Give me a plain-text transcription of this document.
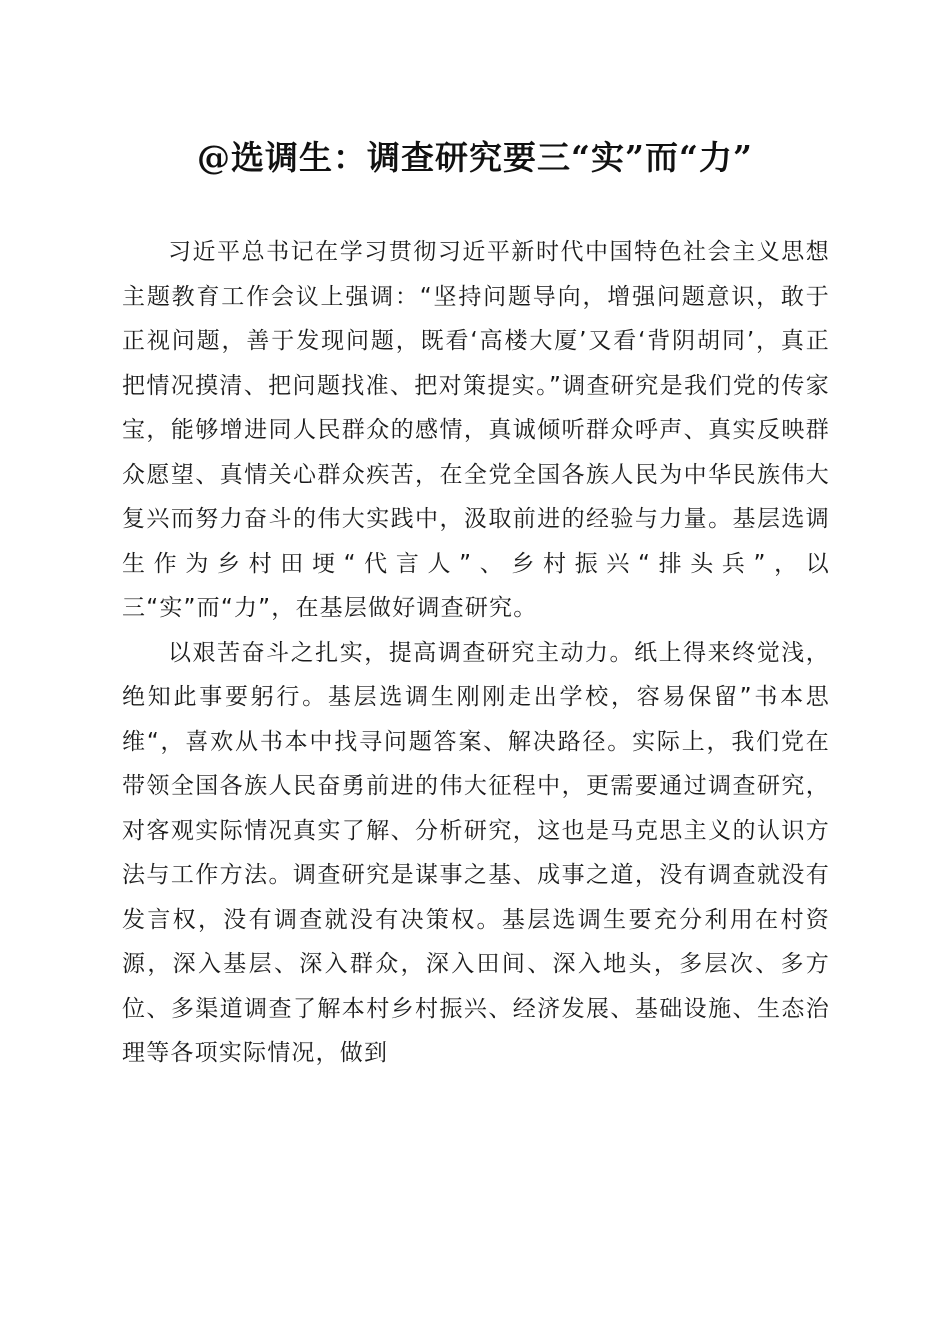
@选调生：调查研究要三“实”而“力”

习近平总书记在学习贯彻习近平新时代中国特色社会主义思想主题教育工作会议上强调：“坚持问题导向，增强问题意识，敢于正视问题，善于发现问题，既看‘高楼大厦’又看‘背阴胡同’，真正把情况摸清、把问题找准、把对策提实。”调查研究是我们党的传家宝，能够增进同人民群众的感情，真诚倾听群众呼声、真实反映群众愿望、真情关心群众疾苦，在全党全国各族人民为中华民族伟大复兴而努力奋斗的伟大实践中，汲取前进的经验与力量。基层选调生作为乡村田埂“代言人”、乡村振兴“排头兵”，以三“实”而“力”，在基层做好调查研究。

以艰苦奋斗之扎实，提高调查研究主动力。纸上得来终觉浅，绝知此事要躬行。基层选调生刚刚走出学校，容易保留”书本思维“，喜欢从书本中找寻问题答案、解决路径。实际上，我们党在带领全国各族人民奋勇前进的伟大征程中，更需要通过调查研究，对客观实际情况真实了解、分析研究，这也是马克思主义的认识方法与工作方法。调查研究是谋事之基、成事之道，没有调查就没有发言权，没有调查就没有决策权。基层选调生要充分利用在村资源，深入基层、深入群众，深入田间、深入地头，多层次、多方位、多渠道调查了解本村乡村振兴、经济发展、基础设施、生态治理等各项实际情况，做到
